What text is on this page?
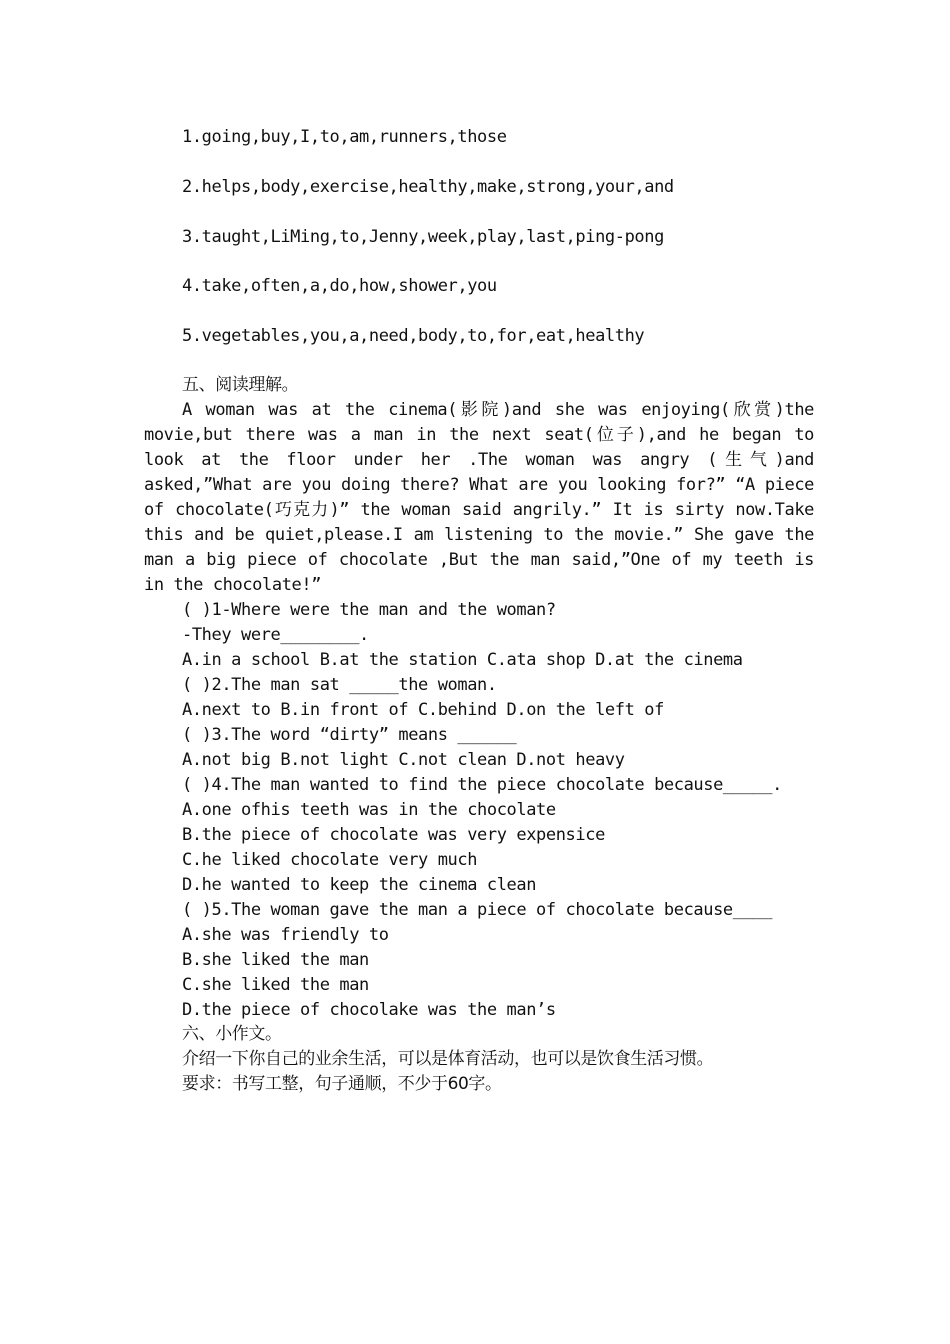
1.going,buy,I,to,am,runners,those
2.helps,body,exercise,healthy,make,strong,your,and
3.taught,LiMing,to,Jenny,week,play,last,ping-pong
4.take,often,a,do,how,shower,you
5.vegetables,you,a,need,body,to,for,eat,healthy
五、阅读理解。
A woman was at the cinema(影院)and she was enjoying(欣赏)the movie,but there was a man in the next seat(位子),and he began to look at the floor under her .The woman was angry (生气)and asked,”What are you doing there? What are you looking for?” “A piece of chocolate(巧克力)” the woman said angrily.” It is sirty now.Take this and be quiet,please.I am listening to the movie.” She gave the man a big piece of chocolate ,But the man said,”One of my teeth is in the chocolate!”
( )1-Where were the man and the woman?
-They were________.
A.in a school B.at the station C.ata shop D.at the cinema
( )2.The man sat _____the woman.
A.next to B.in front of C.behind D.on the left of
( )3.The word “dirty” means ______
A.not big B.not light C.not clean D.not heavy
( )4.The man wanted to find the piece chocolate because_____.
A.one ofhis teeth was in the chocolate
B.the piece of chocolate was very expensice
C.he liked chocolate very much
D.he wanted to keep the cinema clean
( )5.The woman gave the man a piece of chocolate because____
A.she was friendly to
B.she liked the man
C.she liked the man
D.the piece of chocolake was the man’s
六、小作文。
介绍一下你自己的业余生活，可以是体育活动，也可以是饮食生活习惯。
要求：书写工整，句子通顺，不少于60字。
